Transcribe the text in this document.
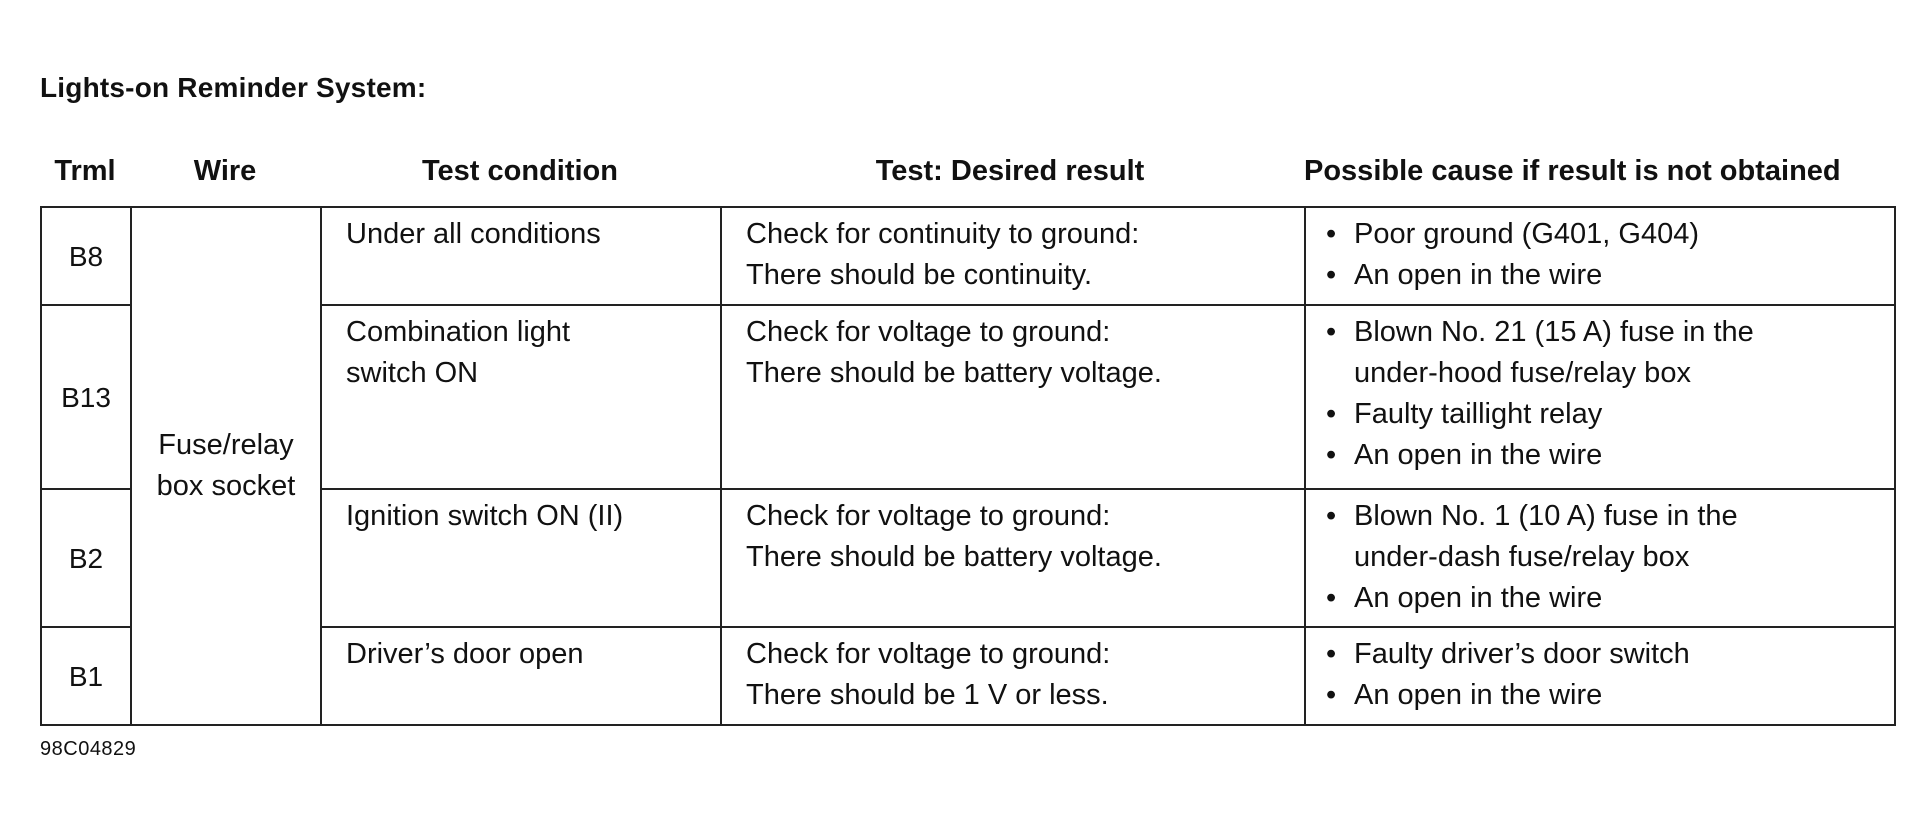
Lights-on Reminder System:
Trml	Wire	Test condition	Test: Desired result	Possible cause if result is not obtained
B8	Fuse/relay
box socket	Under all conditions	Check for continuity to ground:
There should be continuity.	• Poor ground (G401, G404)
• An open in the wire

B13		Combination light
switch ON	Check for voltage to ground:
There should be battery voltage.	• Blown No. 21 (15 A) fuse in the
under-hood fuse/relay box
• Faulty taillight relay
• An open in the wire

B2		Ignition switch ON (II)	Check for voltage to ground:
There should be battery voltage.	• Blown No. 1 (10 A) fuse in the
under-dash fuse/relay box
• An open in the wire

B1		Driver’s door open	Check for voltage to ground:
There should be 1 V or less.	• Faulty driver’s door switch
• An open in the wire
98C04829
